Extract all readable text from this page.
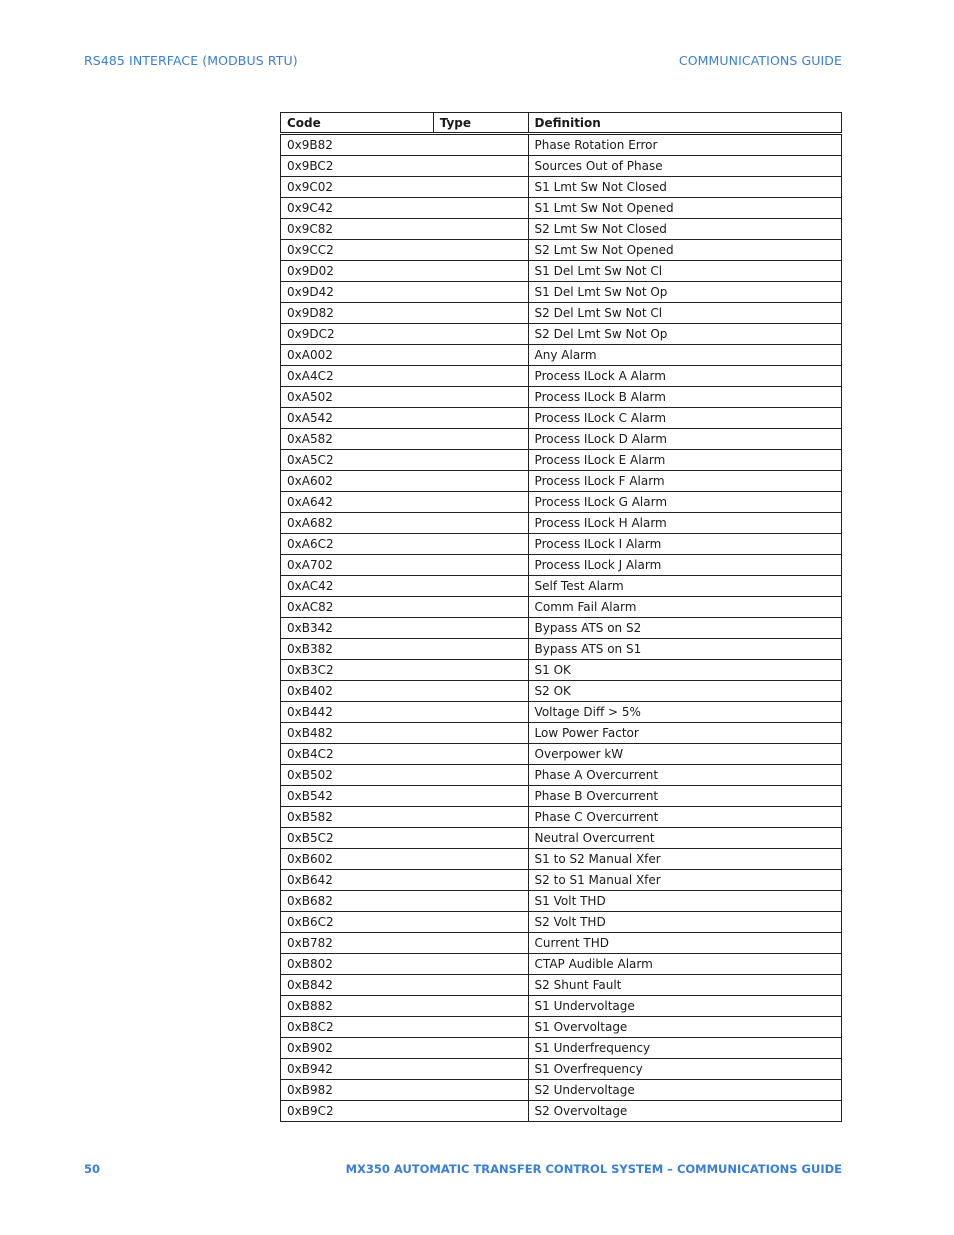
RS485 INTERFACE (MODBUS RTU)	COMMUNICATIONS GUIDE
Code	Type	Definition
0x9B82		Phase Rotation Error
0x9BC2		Sources Out of Phase
0x9C02		S1 Lmt Sw Not Closed
0x9C42		S1 Lmt Sw Not Opened
0x9C82		S2 Lmt Sw Not Closed
0x9CC2		S2 Lmt Sw Not Opened
0x9D02		S1 Del Lmt Sw Not Cl
0x9D42		S1 Del Lmt Sw Not Op
0x9D82		S2 Del Lmt Sw Not Cl
0x9DC2		S2 Del Lmt Sw Not Op
0xA002		Any Alarm
0xA4C2		Process ILock A Alarm
0xA502		Process ILock B Alarm
0xA542		Process ILock C Alarm
0xA582		Process ILock D Alarm
0xA5C2		Process ILock E Alarm
0xA602		Process ILock F Alarm
0xA642		Process ILock G Alarm
0xA682		Process ILock H Alarm
0xA6C2		Process ILock I Alarm
0xA702		Process ILock J Alarm
0xAC42		Self Test Alarm
0xAC82		Comm Fail Alarm
0xB342		Bypass ATS on S2
0xB382		Bypass ATS on S1
0xB3C2		S1 OK
0xB402		S2 OK
0xB442		Voltage Diff > 5%
0xB482		Low Power Factor
0xB4C2		Overpower kW
0xB502		Phase A Overcurrent
0xB542		Phase B Overcurrent
0xB582		Phase C Overcurrent
0xB5C2		Neutral Overcurrent
0xB602		S1 to S2 Manual Xfer
0xB642		S2 to S1 Manual Xfer
0xB682		S1 Volt THD
0xB6C2		S2 Volt THD
0xB782		Current THD
0xB802		CTAP Audible Alarm
0xB842		S2 Shunt Fault
0xB882		S1 Undervoltage
0xB8C2		S1 Overvoltage
0xB902		S1 Underfrequency
0xB942		S1 Overfrequency
0xB982		S2 Undervoltage
0xB9C2		S2 Overvoltage
50	MX350 AUTOMATIC TRANSFER CONTROL SYSTEM – COMMUNICATIONS GUIDE
